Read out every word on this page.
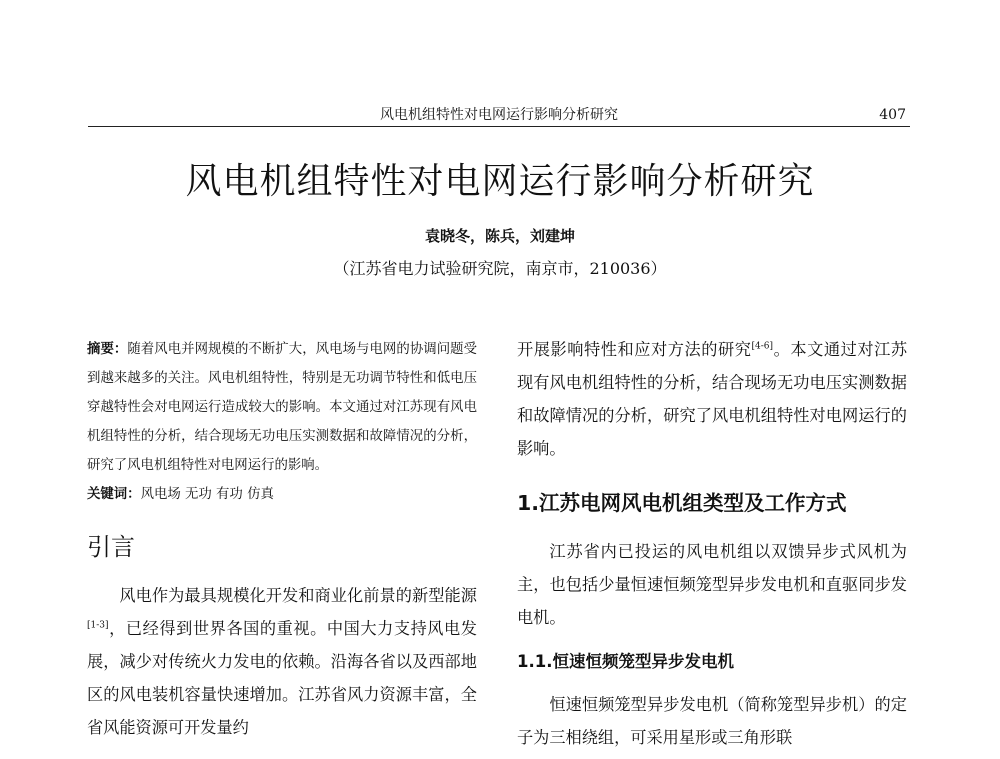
风电机组特性对电网运行影响分析研究	407
风电机组特性对电网运行影响分析研究
袁晓冬，陈兵，刘建坤
（江苏省电力试验研究院，南京市，210036）

摘要：随着风电并网规模的不断扩大，风电场与电网的协调问题受到越来越多的关注。风电机组特性，特别是无功调节特性和低电压穿越特性会对电网运行造成较大的影响。本文通过对江苏现有风电机组特性的分析，结合现场无功电压实测数据和故障情况的分析，研究了风电机组特性对电网运行的影响。

关键词：风电场 无功 有功 仿真

引言

风电作为最具规模化开发和商业化前景的新型能源[1-3]，已经得到世界各国的重视。中国大力支持风电发展，减少对传统火力发电的依赖。沿海各省以及西部地区的风电装机容量快速增加。江苏省风力资源丰富，全省风能资源可开发量约

开展影响特性和应对方法的研究[4-6]。本文通过对江苏现有风电机组特性的分析，结合现场无功电压实测数据和故障情况的分析，研究了风电机组特性对电网运行的影响。

1.江苏电网风电机组类型及工作方式

江苏省内已投运的风电机组以双馈异步式风机为主，也包括少量恒速恒频笼型异步发电机和直驱同步发电机。

1.1.恒速恒频笼型异步发电机

恒速恒频笼型异步发电机（简称笼型异步机）的定子为三相绕组，可采用星形或三角形联
